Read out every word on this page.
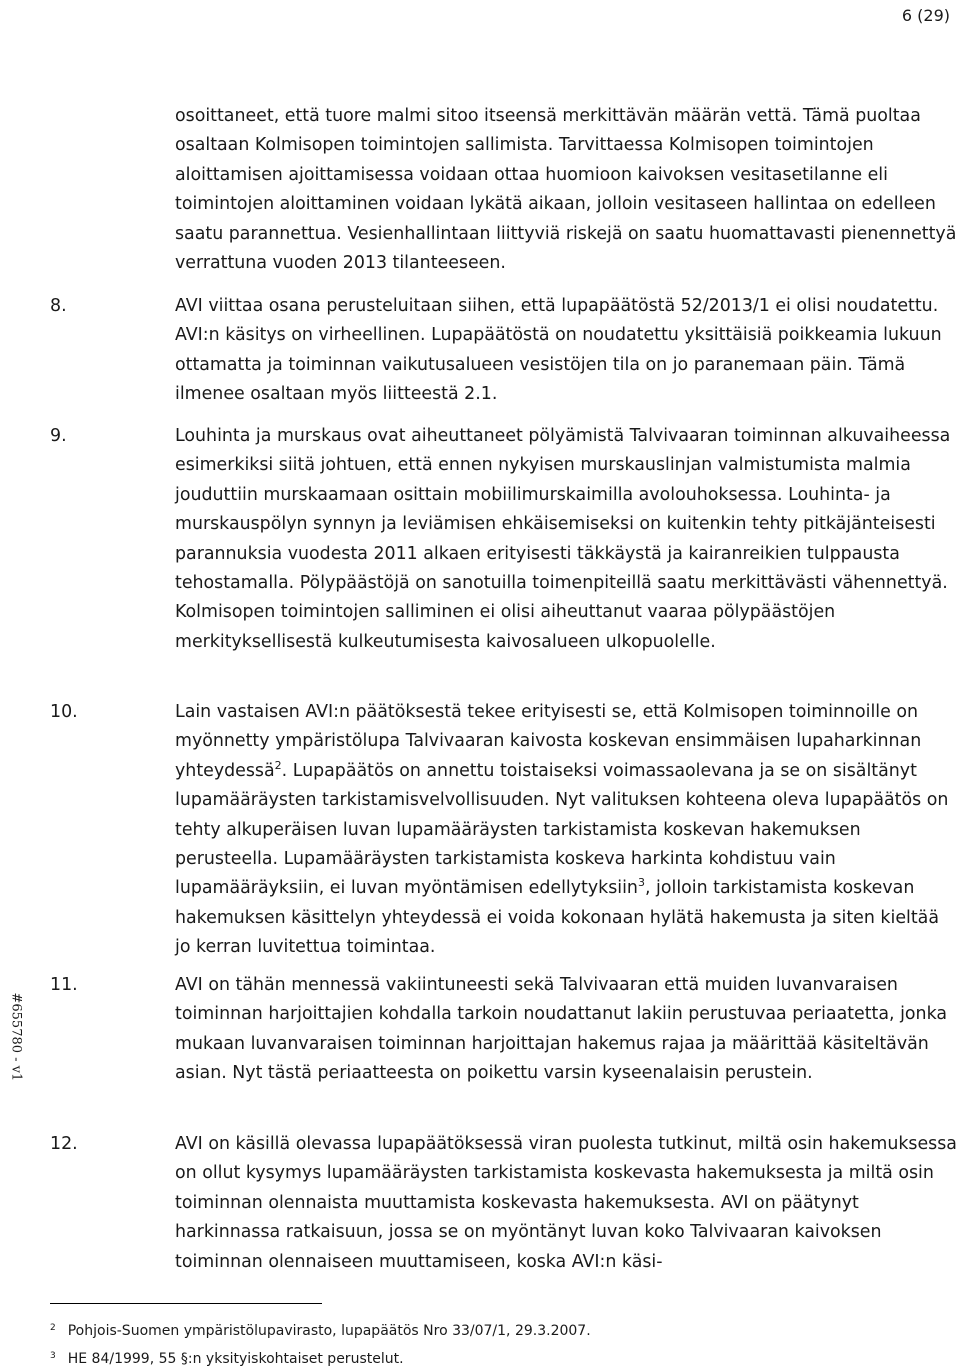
6 (29)
#655780 - v1
osoittaneet, että tuore malmi sitoo itseensä merkittävän määrän vettä. Tämä puoltaa osaltaan Kolmisopen toimintojen sallimista. Tarvittaessa Kolmisopen toimintojen aloittamisen ajoittamisessa voidaan ottaa huomioon kaivoksen vesitasetilanne eli toimintojen aloittaminen voidaan lykätä aikaan, jolloin vesitaseen hallintaa on edelleen saatu parannettua. Vesienhallintaan liittyviä riskejä on saatu huomattavasti pienennettyä verrattuna vuoden 2013 tilanteeseen.
8.	AVI viittaa osana perusteluitaan siihen, että lupapäätöstä 52/2013/1 ei olisi noudatettu. AVI:n käsitys on virheellinen. Lupapäätöstä on noudatettu yksittäisiä poikkeamia lukuun ottamatta ja toiminnan vaikutusalueen vesistöjen tila on jo paranemaan päin. Tämä ilmenee osaltaan myös liitteestä 2.1.
9.	Louhinta ja murskaus ovat aiheuttaneet pölyämistä Talvivaaran toiminnan alkuvaiheessa esimerkiksi siitä johtuen, että ennen nykyisen murskauslinjan valmistumista malmia jouduttiin murskaamaan osittain mobiilimurskaimilla avolouhoksessa. Louhinta- ja murskauspölyn synnyn ja leviämisen ehkäisemiseksi on kuitenkin tehty pitkäjänteisesti parannuksia vuodesta 2011 alkaen erityisesti täkkäystä ja kairanreikien tulppausta tehostamalla. Pölypäästöjä on sanotuilla toimenpiteillä saatu merkittävästi vähennettyä. Kolmisopen toimintojen salliminen ei olisi aiheuttanut vaaraa pölypäästöjen merkityksellisestä kulkeutumisesta kaivosalueen ulkopuolelle.
10.	Lain vastaisen AVI:n päätöksestä tekee erityisesti se, että Kolmisopen toiminnoille on myönnetty ympäristölupa Talvivaaran kaivosta koskevan ensimmäisen lupaharkinnan yhteydessä$^2$. Lupapäätös on annettu toistaiseksi voimassaolevana ja se on sisältänyt lupamääräysten tarkistamisvelvollisuuden. Nyt valituksen kohteena oleva lupapäätös on tehty alkuperäisen luvan lupamääräysten tarkistamista koskevan hakemuksen perusteella. Lupamääräysten tarkistamista koskeva harkinta kohdistuu vain lupamääräyksiin, ei luvan myöntämisen edellytyksiin$^3$, jolloin tarkistamista koskevan hakemuksen käsittelyn yhteydessä ei voida kokonaan hylätä hakemusta ja siten kieltää jo kerran luvitettua toimintaa.
11.	AVI on tähän mennessä vakiintuneesti sekä Talvivaaran että muiden luvanvaraisen toiminnan harjoittajien kohdalla tarkoin noudattanut lakiin perustuvaa periaatetta, jonka mukaan luvanvaraisen toiminnan harjoittajan hakemus rajaa ja määrittää käsiteltävän asian. Nyt tästä periaatteesta on poikettu varsin kyseenalaisin perustein.
12.	AVI on käsillä olevassa lupapäätöksessä viran puolesta tutkinut, miltä osin hakemuksessa on ollut kysymys lupamääräysten tarkistamista koskevasta hakemuksesta ja miltä osin toiminnan olennaista muuttamista koskevasta hakemuksesta. AVI on päätynyt harkinnassa ratkaisuun, jossa se on myöntänyt luvan koko Talvivaaran kaivoksen toiminnan olennaiseen muuttamiseen, koska AVI:n käsi-
$^2$ Pohjois-Suomen ympäristölupavirasto, lupapäätös Nro 33/07/1, 29.3.2007.
$^3$ HE 84/1999, 55 §:n yksityiskohtaiset perustelut.
